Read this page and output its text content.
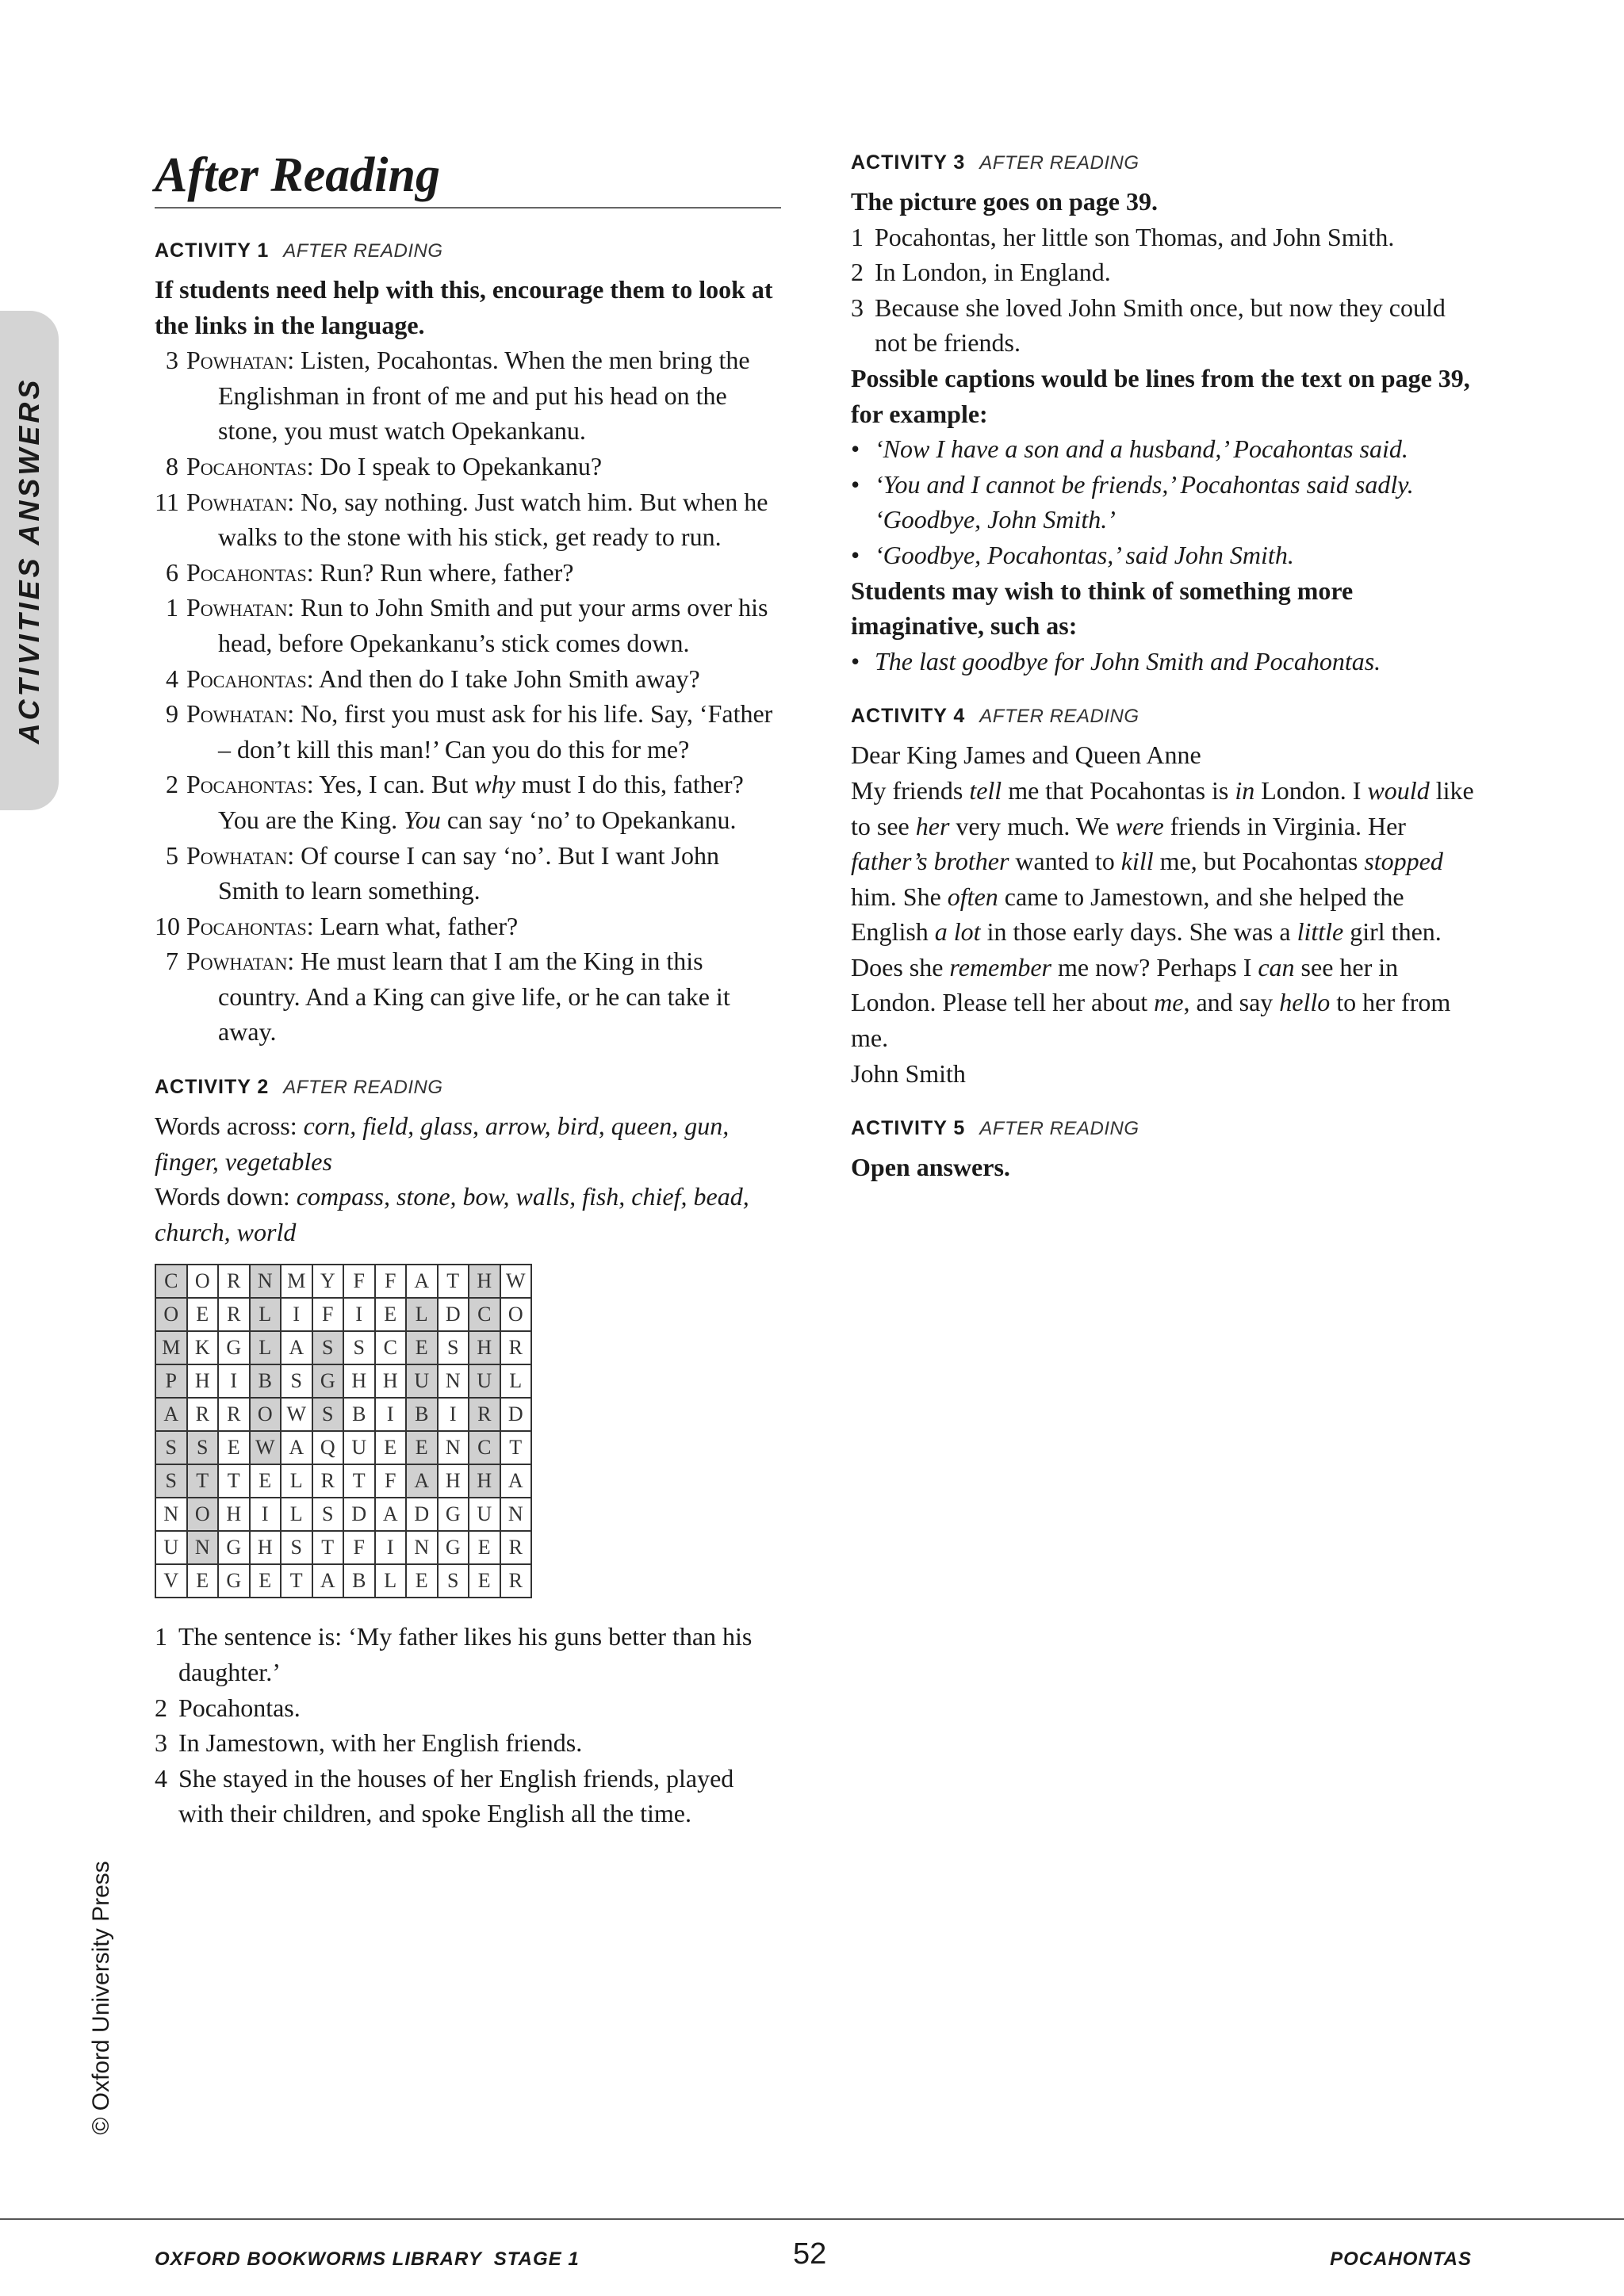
ACTIVITIES ANSWERS
© Oxford University Press
After Reading
ACTIVITY 1 AFTER READING

If students need help with this, encourage them to look at the links in the language.

3 Powhatan: Listen, Pocahontas. When the men bring the Englishman in front of me and put his head on the stone, you must watch Opekankanu.
8 Pocahontas: Do I speak to Opekankanu?
11 Powhatan: No, say nothing. Just watch him. But when he walks to the stone with his stick, get ready to run.
6 Pocahontas: Run? Run where, father?
1 Powhatan: Run to John Smith and put your arms over his head, before Opekankanu’s stick comes down.
4 Pocahontas: And then do I take John Smith away?
9 Powhatan: No, first you must ask for his life. Say, ‘Father – don’t kill this man!’ Can you do this for me?
2 Pocahontas: Yes, I can. But why must I do this, father? You are the King. You can say ‘no’ to Opekankanu.
5 Powhatan: Of course I can say ‘no’. But I want John Smith to learn something.
10 Pocahontas: Learn what, father?
7 Powhatan: He must learn that I am the King in this country. And a King can give life, or he can take it away.
ACTIVITY 2 AFTER READING

Words across: corn, field, glass, arrow, bird, queen, gun, finger, vegetables

Words down: compass, stone, bow, walls, fish, chief, bead, church, world

C	O	R	N	M	Y	F	F	A	T	H	W
O	E	R	L	I	F	I	E	L	D	C	O
M	K	G	L	A	S	S	C	E	S	H	R
P	H	I	B	S	G	H	H	U	N	U	L
A	R	R	O	W	S	B	I	B	I	R	D
S	S	E	W	A	Q	U	E	E	N	C	T
S	T	T	E	L	R	T	F	A	H	H	A
N	O	H	I	L	S	D	A	D	G	U	N
U	N	G	H	S	T	F	I	N	G	E	R
V	E	G	E	T	A	B	L	E	S	E	R
1 The sentence is: ‘My father likes his guns better than his daughter.’
2 Pocahontas.
3 In Jamestown, with her English friends.
4 She stayed in the houses of her English friends, played with their children, and spoke English all the time.
ACTIVITY 3 AFTER READING

The picture goes on page 39.

1 Pocahontas, her little son Thomas, and John Smith.
2 In London, in England.
3 Because she loved John Smith once, but now they could not be friends.

Possible captions would be lines from the text on page 39, for example:

• ‘Now I have a son and a husband,’ Pocahontas said.
• ‘You and I cannot be friends,’ Pocahontas said sadly. ‘Goodbye, John Smith.’
• ‘Goodbye, Pocahontas,’ said John Smith.

Students may wish to think of something more imaginative, such as:

• The last goodbye for John Smith and Pocahontas.
ACTIVITY 4 AFTER READING

Dear King James and Queen Anne

My friends tell me that Pocahontas is in London. I would like to see her very much. We were friends in Virginia. Her father’s brother wanted to kill me, but Pocahontas stopped him. She often came to Jamestown, and she helped the English a lot in those early days. She was a little girl then. Does she remember me now? Perhaps I can see her in London. Please tell her about me, and say hello to her from me.

John Smith

ACTIVITY 5 AFTER READING

Open answers.

OXFORD BOOKWORMS LIBRARY  STAGE 1	52	POCAHONTAS
